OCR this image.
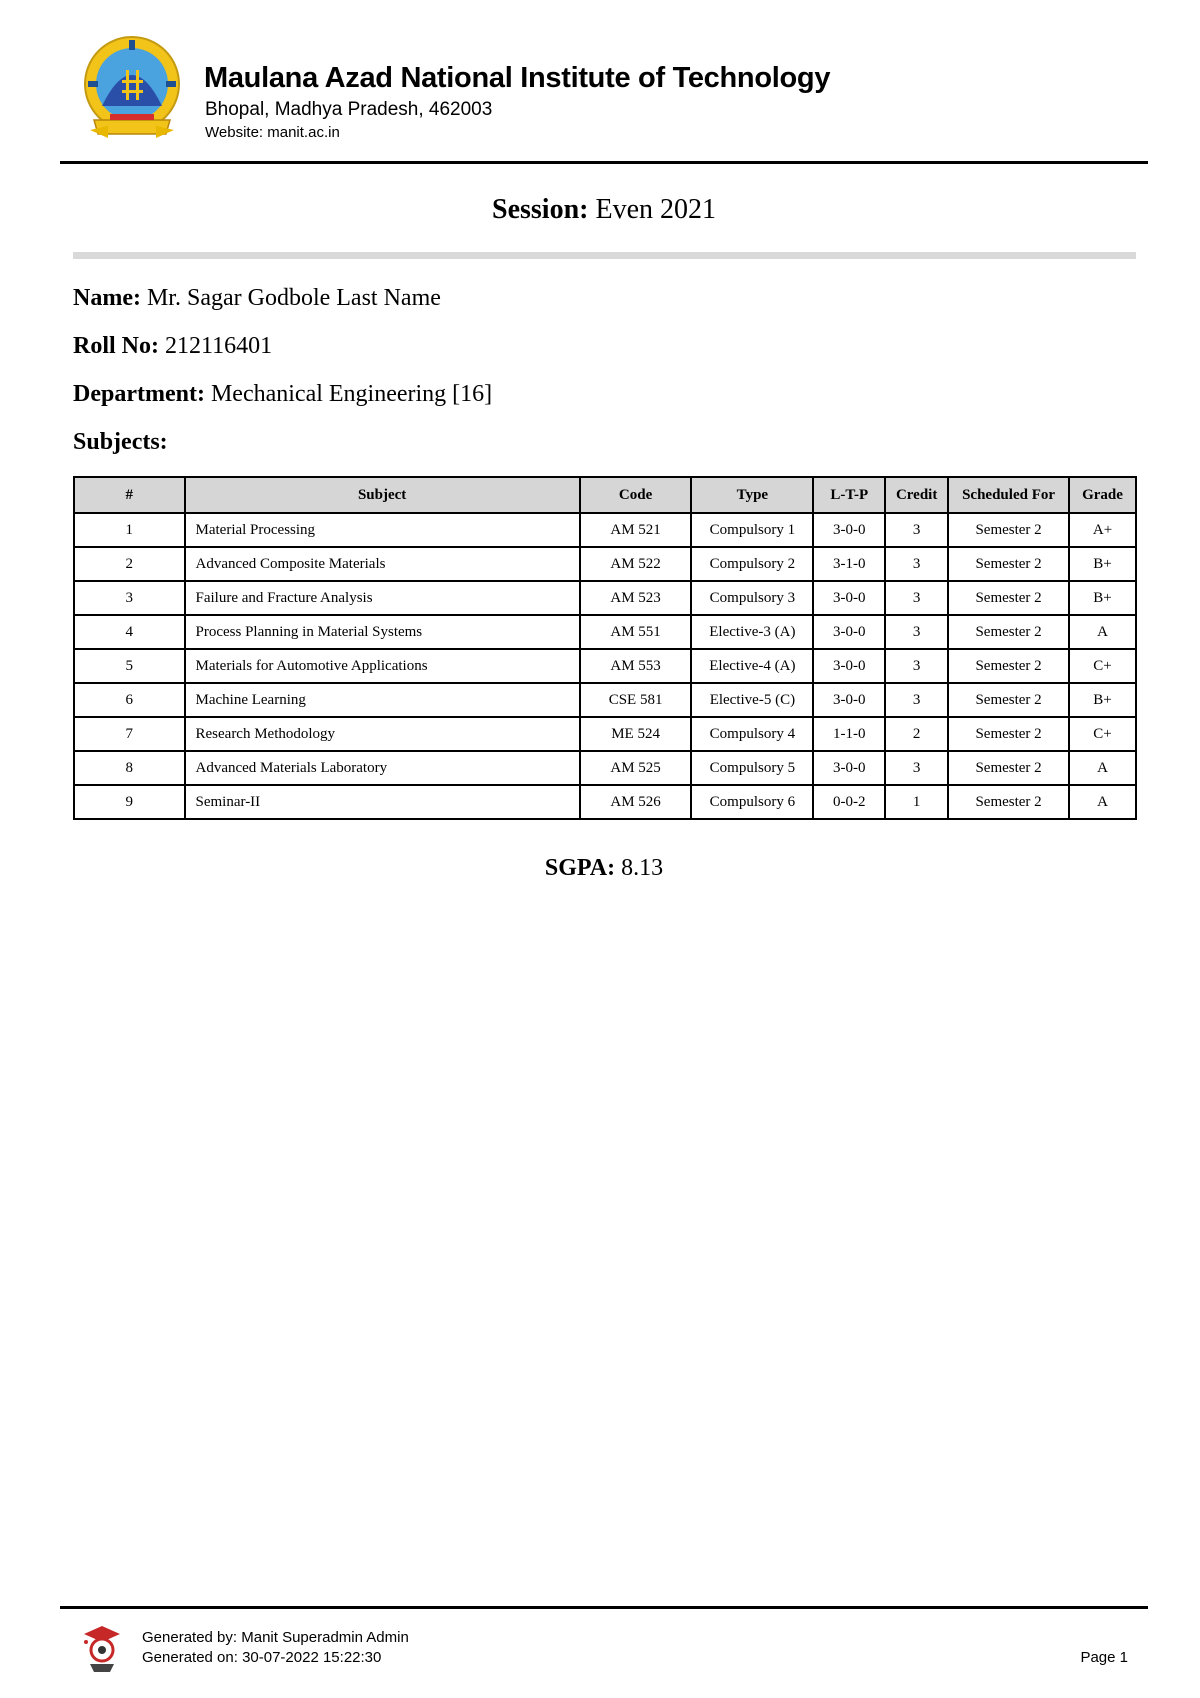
Maulana Azad National Institute of Technology
Bhopal, Madhya Pradesh, 462003
Website: manit.ac.in
Session: Even 2021
Name: Mr. Sagar Godbole Last Name
Roll No: 212116401
Department: Mechanical Engineering [16]
Subjects:
#	Subject	Code	Type	L-T-P	Credit	Scheduled For	Grade
1	Material Processing	AM 521	Compulsory 1	3-0-0	3	Semester 2	A+
2	Advanced Composite Materials	AM 522	Compulsory 2	3-1-0	3	Semester 2	B+
3	Failure and Fracture Analysis	AM 523	Compulsory 3	3-0-0	3	Semester 2	B+
4	Process Planning in Material Systems	AM 551	Elective-3 (A)	3-0-0	3	Semester 2	A
5	Materials for Automotive Applications	AM 553	Elective-4 (A)	3-0-0	3	Semester 2	C+
6	Machine Learning	CSE 581	Elective-5 (C)	3-0-0	3	Semester 2	B+
7	Research Methodology	ME 524	Compulsory 4	1-1-0	2	Semester 2	C+
8	Advanced Materials Laboratory	AM 525	Compulsory 5	3-0-0	3	Semester 2	A
9	Seminar-II	AM 526	Compulsory 6	0-0-2	1	Semester 2	A
SGPA: 8.13
Generated by: Manit Superadmin Admin
Generated on: 30-07-2022 15:22:30	Page 1
